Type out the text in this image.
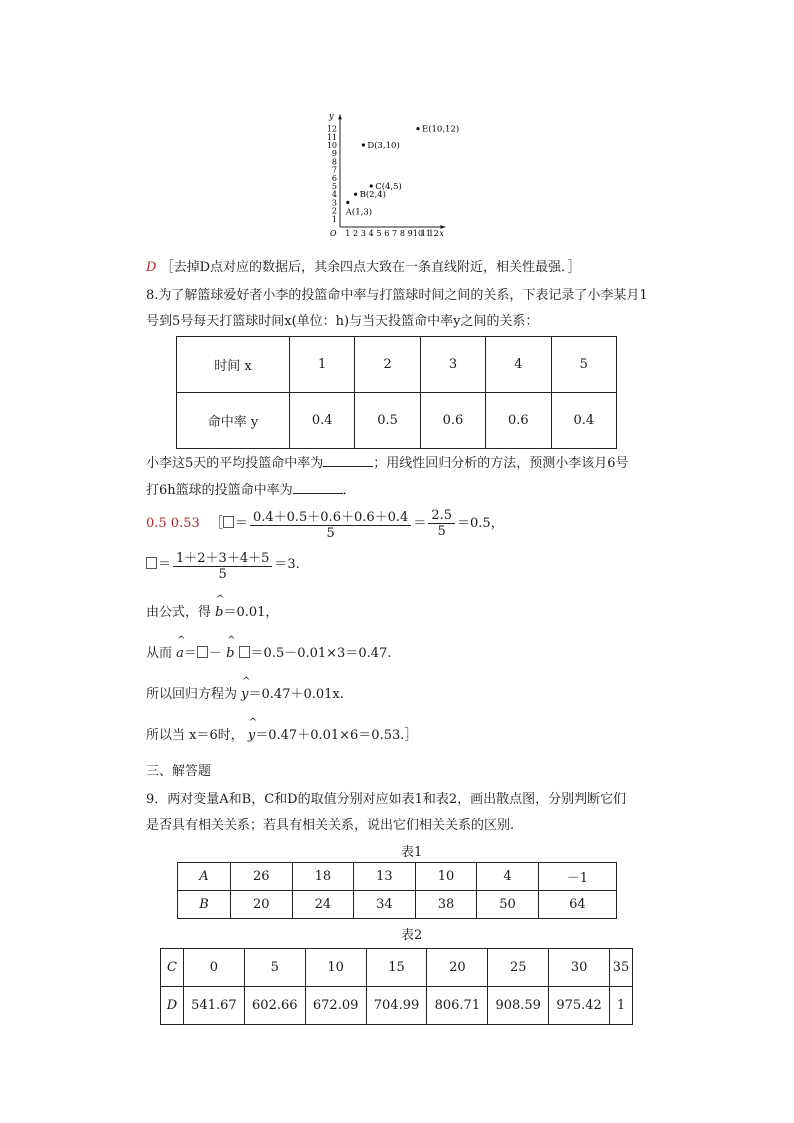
x
y
O 1 2 3 4 5 6 7 8 9 10
11
12
1
2
3
4
5
6
7
8
9
10
11
12
A(1,3)
B(2,4)
C(4,5)
D(3,10)
E(10,12)
D ［去掉D点对应的数据后，其余四点大致在一条直线附近，相关性最强．］
8.为了解篮球爱好者小李的投篮命中率与打篮球时间之间的关系，下表记录了小李某月1
号到5号每天打篮球时间x(单位：h)与当天投篮命中率y之间的关系：
时间 x	1	2	3	4	5
命中率 y	0.4	0.5	0.6	0.6	0.4
小李这5天的平均投篮命中率为	；用线性回归分析的方法，预测小李该月6号
打6h篮球的投篮命中率为	．
0.5 0.53 ［ ＝ $\frac{0.4+0.5+0.6+0.6+0.4}{5} = \frac{2.5}{5} =0.5$，
＝ $\frac{1+2+3+4+5}{5} =3$.
由公式，得 ^ b＝0.01，
从而 ^ a＝ － ^ b ＝0.5－0.01×3＝0.47.
所以回归方程为 ^ y＝0.47＋0.01x.
所以当 x＝6时， ^ y＝0.47＋0.01×6＝0.53.］
三、解答题
9．两对变量A和B，C和D的取值分别对应如表1和表2，画出散点图，分别判断它们
是否具有相关关系；若具有相关关系，说出它们相关关系的区别.
表1
A	26	18	13	10	4	－1
B	20	24	34	38	50	64
表2
C	0	5	10	15	20	25	30	35
D	541.67	602.66	672.09	704.99	806.71	908.59	975.42	1
